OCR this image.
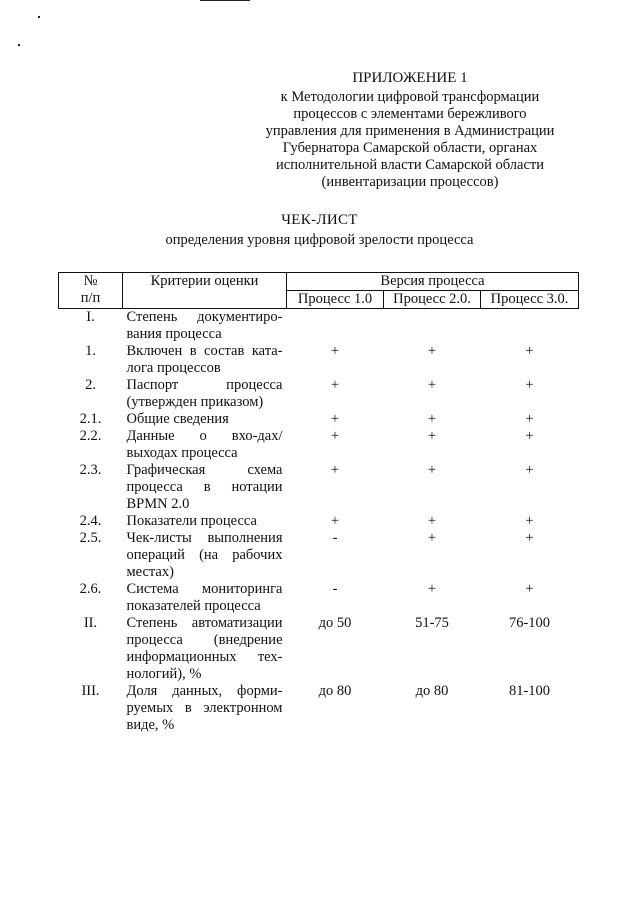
ПРИЛОЖЕНИЕ 1
к Методологии цифровой трансформации
процессов с элементами бережливого
управления для применения в Администрации
Губернатора Самарской области, органах
исполнительной власти Самарской области
(инвентаризации процессов)
ЧЕК-ЛИСТ
определения уровня цифровой зрелости процесса
№
п/п	Критерии оценки	Версия процесса		
		Процесс 1.0	Процесс 2.0.	Процесс 3.0.
I.	Степень документиро-вания процесса			
1.	Включен в состав ката-лога процессов	+	+	+
2.	Паспорт процесса (утвержден приказом)	+	+	+
2.1.	Общие сведения	+	+	+
2.2.	Данные о вхо-дах/выходах процесса	+	+	+
2.3.	Графическая схема процесса в нотации BPMN 2.0	+	+	+
2.4.	Показатели процесса	+	+	+
2.5.	Чек-листы выполнения операций (на рабочих местах)	-	+	+
2.6.	Система мониторинга показателей процесса	-	+	+
II.	Степень автоматизации процесса (внедрение информационных тех-нологий), %	до 50	51-75	76-100
III.	Доля данных, форми-руемых в электронном виде, %	до 80	до 80	81-100
